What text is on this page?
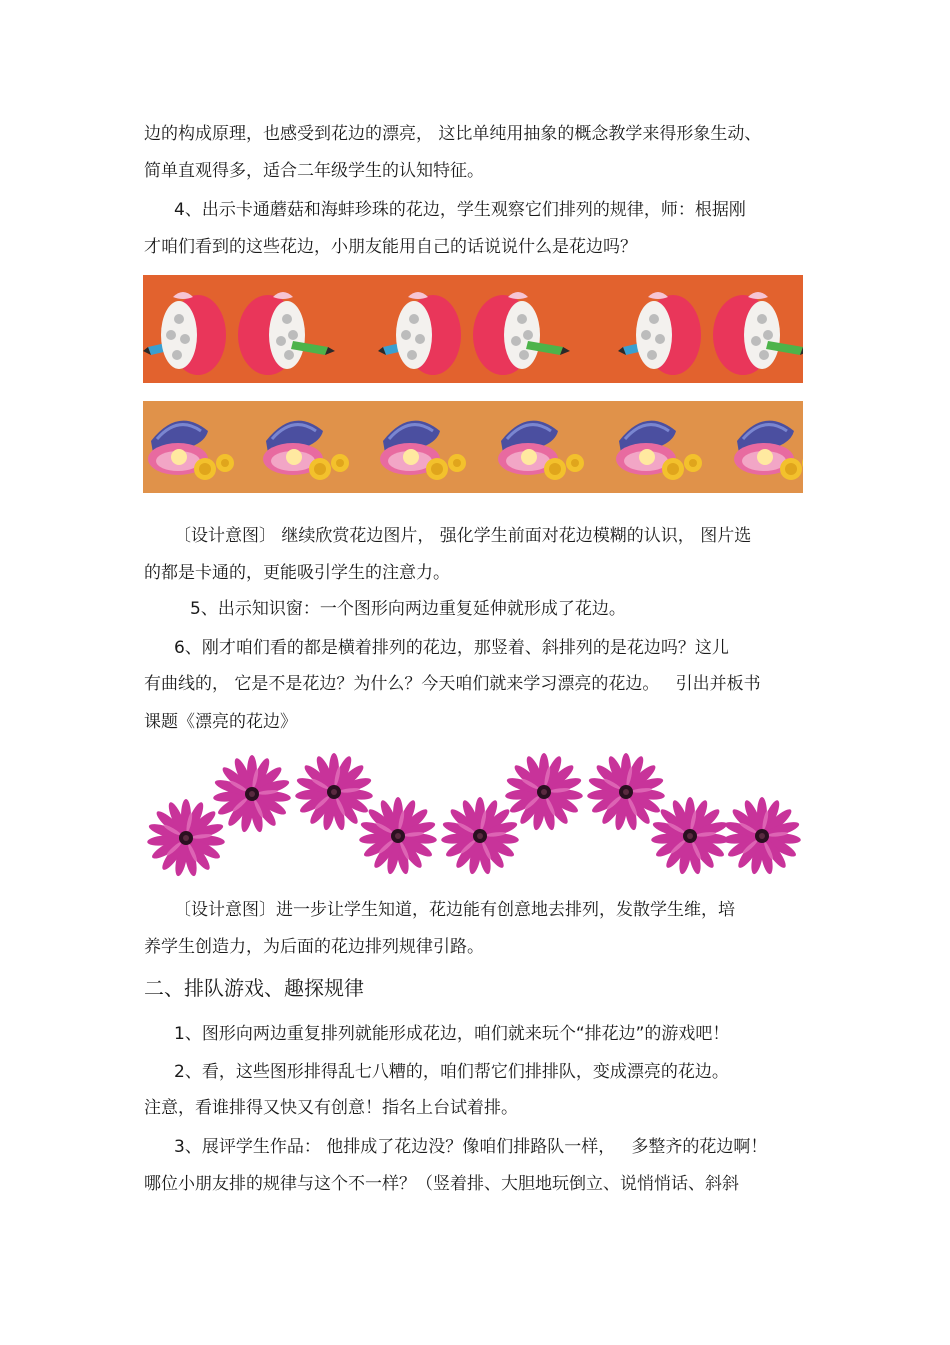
边的构成原理，也感受到花边的漂亮， 这比单纯用抽象的概念教学来得形象生动、
简单直观得多，适合二年级学生的认知特征。
4、出示卡通蘑菇和海蚌珍珠的花边，学生观察它们排列的规律，师：根据刚
才咱们看到的这些花边，小朋友能用自己的话说说什么是花边吗？
〔设计意图〕 继续欣赏花边图片， 强化学生前面对花边模糊的认识， 图片选
的都是卡通的，更能吸引学生的注意力。
5、出示知识窗：一个图形向两边重复延伸就形成了花边。
6、刚才咱们看的都是横着排列的花边，那竖着、斜排列的是花边吗？这儿
有曲线的， 它是不是花边？为什么？今天咱们就来学习漂亮的花边。   引出并板书
课题《漂亮的花边》
〔设计意图〕进一步让学生知道，花边能有创意地去排列，发散学生维，培
养学生创造力，为后面的花边排列规律引路。
二、排队游戏、趣探规律
1、图形向两边重复排列就能形成花边，咱们就来玩个“排花边”的游戏吧！
2、看，这些图形排得乱七八糟的，咱们帮它们排排队，变成漂亮的花边。
注意，看谁排得又快又有创意！指名上台试着排。
3、展评学生作品： 他排成了花边没？像咱们排路队一样，   多整齐的花边啊！
哪位小朋友排的规律与这个不一样？（竖着排、大胆地玩倒立、说悄悄话、斜斜
